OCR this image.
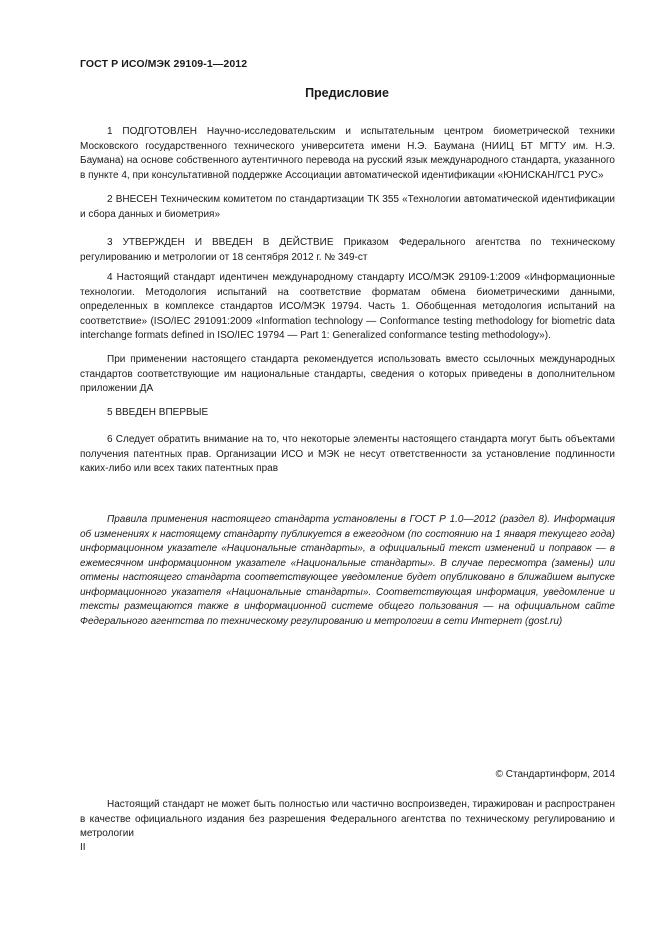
ГОСТ Р ИСО/МЭК 29109-1—2012
Предисловие

1 ПОДГОТОВЛЕН Научно-исследовательским и испытательным центром биометрической техники Московского государственного технического университета имени Н.Э. Баумана (НИИЦ БТ МГТУ им. Н.Э. Баумана) на основе собственного аутентичного перевода на русский язык международного стандарта, указанного в пункте 4, при консультативной поддержке Ассоциации автоматической идентификации «ЮНИСКАН/ГС1 РУС»

2 ВНЕСЕН Техническим комитетом по стандартизации ТК 355 «Технологии автоматической идентификации и сбора данных и биометрия»

3 УТВЕРЖДЕН И ВВЕДЕН В ДЕЙСТВИЕ Приказом Федерального агентства по техническому регулированию и метрологии от 18 сентября 2012 г. № 349-ст

4 Настоящий стандарт идентичен международному стандарту ИСО/МЭК 29109-1:2009 «Информационные технологии. Методология испытаний на соответствие форматам обмена биометрическими данными, определенных в комплексе стандартов ИСО/МЭК 19794. Часть 1. Обобщенная методология испытаний на соответствие» (ISO/IEC 291091:2009 «Information technology — Conformance testing methodology for biometric data interchange formats defined in ISO/IEC 19794 — Part 1: Generalized conformance testing methodology»).

При применении настоящего стандарта рекомендуется использовать вместо ссылочных международных стандартов соответствующие им национальные стандарты, сведения о которых приведены в дополнительном приложении ДА

5 ВВЕДЕН ВПЕРВЫЕ

6 Следует обратить внимание на то, что некоторые элементы настоящего стандарта могут быть объектами получения патентных прав. Организации ИСО и МЭК не несут ответственности за установление подлинности каких-либо или всех таких патентных прав

Правила применения настоящего стандарта установлены в ГОСТ Р 1.0—2012 (раздел 8). Информация об изменениях к настоящему стандарту публикуется в ежегодном (по состоянию на 1 января текущего года) информационном указателе «Национальные стандарты», а официальный текст изменений и поправок — в ежемесячном информационном указателе «Национальные стандарты». В случае пересмотра (замены) или отмены настоящего стандарта соответствующее уведомление будет опубликовано в ближайшем выпуске информационного указателя «Национальные стандарты». Соответствующая информация, уведомление и тексты размещаются также в информационной системе общего пользования — на официальном сайте Федерального агентства по техническому регулированию и метрологии в сети Интернет (gost.ru)

© Стандартинформ, 2014

Настоящий стандарт не может быть полностью или частично воспроизведен, тиражирован и распространен в качестве официального издания без разрешения Федерального агентства по техническому регулированию и метрологии

II
